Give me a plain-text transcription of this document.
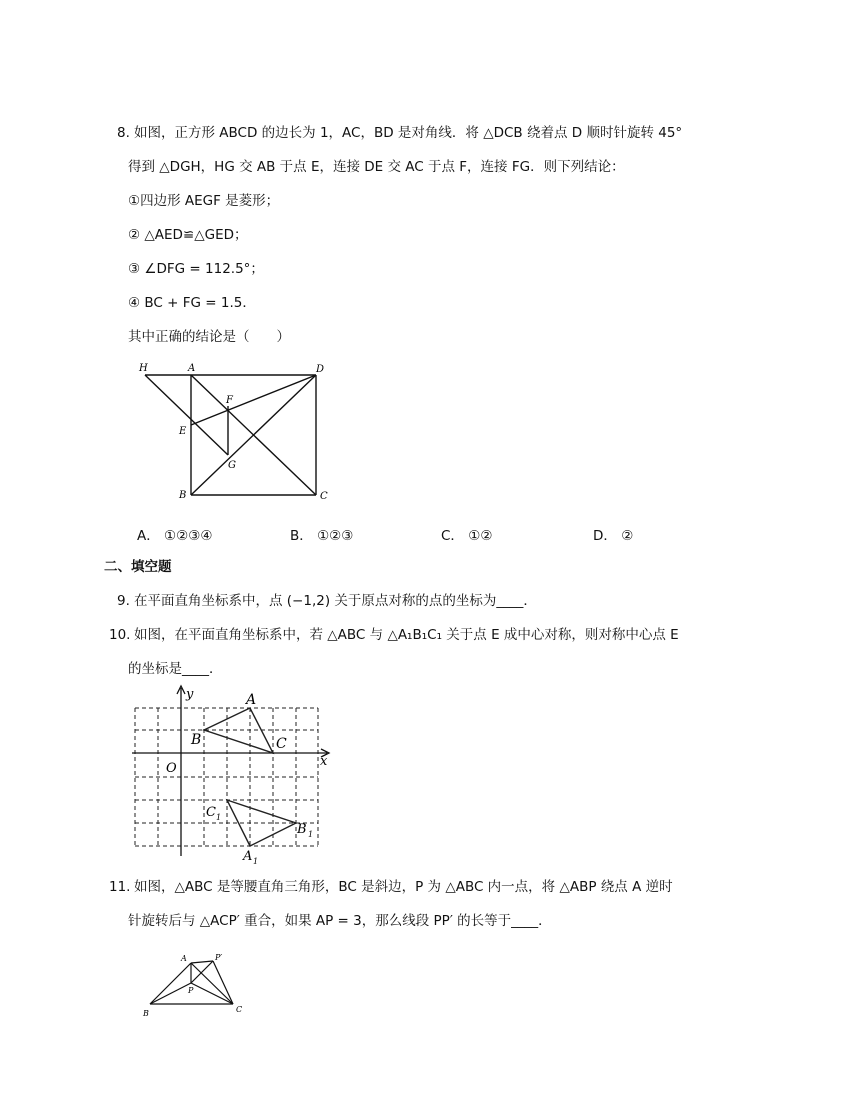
8. 如图，正方形 ABCD 的边长为 1，AC，BD 是对角线．将 △DCB 绕着点 D 顺时针旋转 45°
得到 △DGH，HG 交 AB 于点 E，连接 DE 交 AC 于点 F，连接 FG．则下列结论：
①四边形 AEGF 是菱形；
② △AED≌△GED；
③ ∠DFG = 112.5°；
④ BC + FG = 1.5．
其中正确的结论是（　　）
H	A	D
F
E
G
B	C
A． ①②③④	B． ①②③	C． ①②	D． ②
二、填空题
9. 在平面直角坐标系中，点 (−1,2) 关于原点对称的点的坐标为____．
10. 如图，在平面直角坐标系中，若 △ABC 与 △A₁B₁C₁ 关于点 E 成中心对称，则对称中心点 E
的坐标是____．
y
x
O
A
B	C
C 1
B 1
A 1
11. 如图，△ABC 是等腰直角三角形，BC 是斜边，P 为 △ABC 内一点，将 △ABP 绕点 A 逆时
针旋转后与 △ACP′ 重合，如果 AP = 3，那么线段 PP′ 的长等于____．
A	P′
P
B	C
